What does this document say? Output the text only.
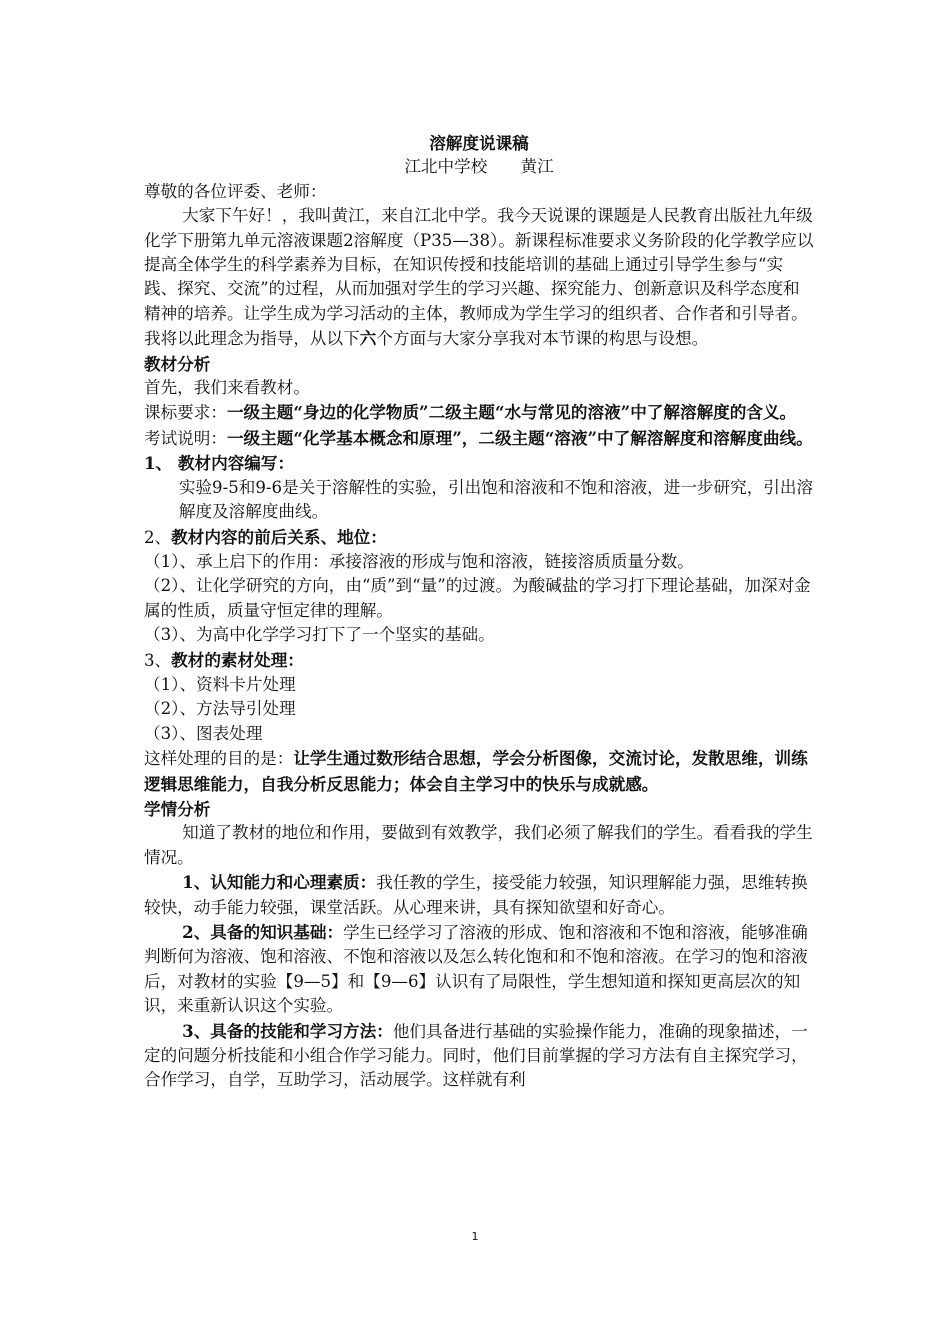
溶解度说课稿

江北中学校　　黄江

尊敬的各位评委、老师：

大家下午好！，我叫黄江，来自江北中学。我今天说课的课题是人民教育出版社九年级化学下册第九单元溶液课题2溶解度（P35—38）。新课程标准要求义务阶段的化学教学应以提高全体学生的科学素养为目标，在知识传授和技能培训的基础上通过引导学生参与“实践、探究、交流”的过程，从而加强对学生的学习兴趣、探究能力、创新意识及科学态度和精神的培养。让学生成为学习活动的主体，教师成为学生学习的组织者、合作者和引导者。我将以此理念为指导，从以下六个方面与大家分享我对本节课的构思与设想。

教材分析

首先，我们来看教材。

课标要求：一级主题“身边的化学物质”二级主题“水与常见的溶液”中了解溶解度的含义。

考试说明：一级主题“化学基本概念和原理”，二级主题“溶液”中了解溶解度和溶解度曲线。

1、 教材内容编写：

实验9-5和9-6是关于溶解性的实验，引出饱和溶液和不饱和溶液，进一步研究，引出溶解度及溶解度曲线。

2、教材内容的前后关系、地位：

（1）、承上启下的作用：承接溶液的形成与饱和溶液，链接溶质质量分数。

（2）、让化学研究的方向，由“质”到“量”的过渡。为酸碱盐的学习打下理论基础，加深对金属的性质，质量守恒定律的理解。

（3）、为高中化学学习打下了一个坚实的基础。

3、教材的素材处理：

（1）、资料卡片处理

（2）、方法导引处理

（3）、图表处理

这样处理的目的是：让学生通过数形结合思想，学会分析图像，交流讨论，发散思维，训练逻辑思维能力，自我分析反思能力；体会自主学习中的快乐与成就感。

学情分析

知道了教材的地位和作用，要做到有效教学，我们必须了解我们的学生。看看我的学生情况。

1、认知能力和心理素质：我任教的学生，接受能力较强，知识理解能力强，思维转换较快，动手能力较强，课堂活跃。从心理来讲，具有探知欲望和好奇心。

2、具备的知识基础：学生已经学习了溶液的形成、饱和溶液和不饱和溶液，能够准确判断何为溶液、饱和溶液、不饱和溶液以及怎么转化饱和和不饱和溶液。在学习的饱和溶液后，对教材的实验【9—5】和【9—6】认识有了局限性，学生想知道和探知更高层次的知识，来重新认识这个实验。

3、具备的技能和学习方法：他们具备进行基础的实验操作能力，准确的现象描述，一定的问题分析技能和小组合作学习能力。同时，他们目前掌握的学习方法有自主探究学习，合作学习，自学，互助学习，活动展学。这样就有利

1
